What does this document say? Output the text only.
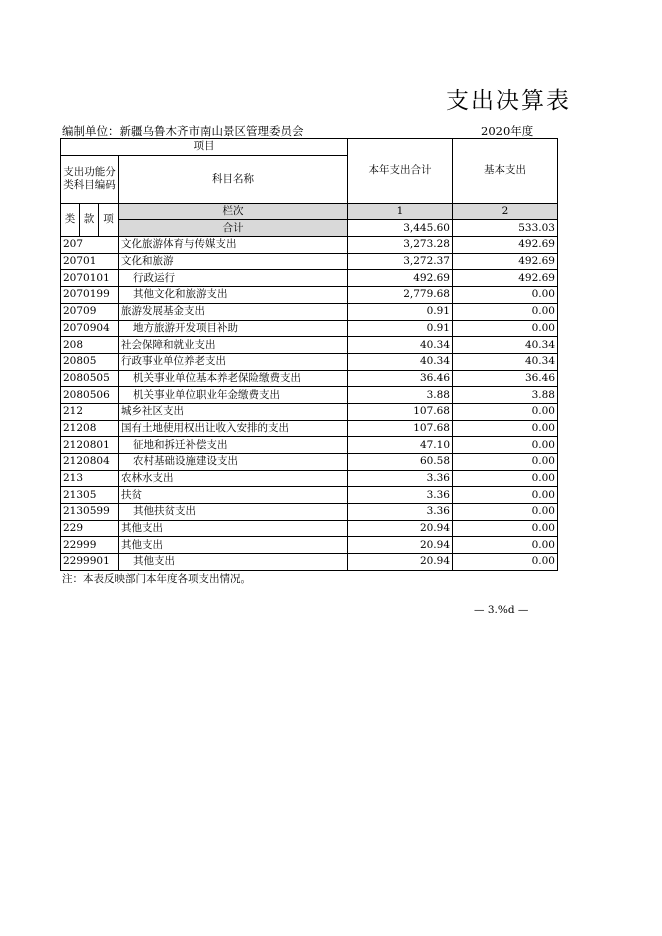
支出决算表
编制单位：新疆乌鲁木齐市南山景区管理委员会	2020年度
项目				本年支出合计	基本支出
支出功能分类科目编码			科目名称		
类	款	项	栏次	1	2
			合计	3,445.60	533.03
207			文化旅游体育与传媒支出	3,273.28	492.69
20701			文化和旅游	3,272.37	492.69
2070101			行政运行	492.69	492.69
2070199			其他文化和旅游支出	2,779.68	0.00
20709			旅游发展基金支出	0.91	0.00
2070904			地方旅游开发项目补助	0.91	0.00
208			社会保障和就业支出	40.34	40.34
20805			行政事业单位养老支出	40.34	40.34
2080505			机关事业单位基本养老保险缴费支出	36.46	36.46
2080506			机关事业单位职业年金缴费支出	3.88	3.88
212			城乡社区支出	107.68	0.00
21208			国有土地使用权出让收入安排的支出	107.68	0.00
2120801			征地和拆迁补偿支出	47.10	0.00
2120804			农村基础设施建设支出	60.58	0.00
213			农林水支出	3.36	0.00
21305			扶贫	3.36	0.00
2130599			其他扶贫支出	3.36	0.00
229			其他支出	20.94	0.00
22999			其他支出	20.94	0.00
2299901			其他支出	20.94	0.00
注：本表反映部门本年度各项支出情况。
— 3.%d —
